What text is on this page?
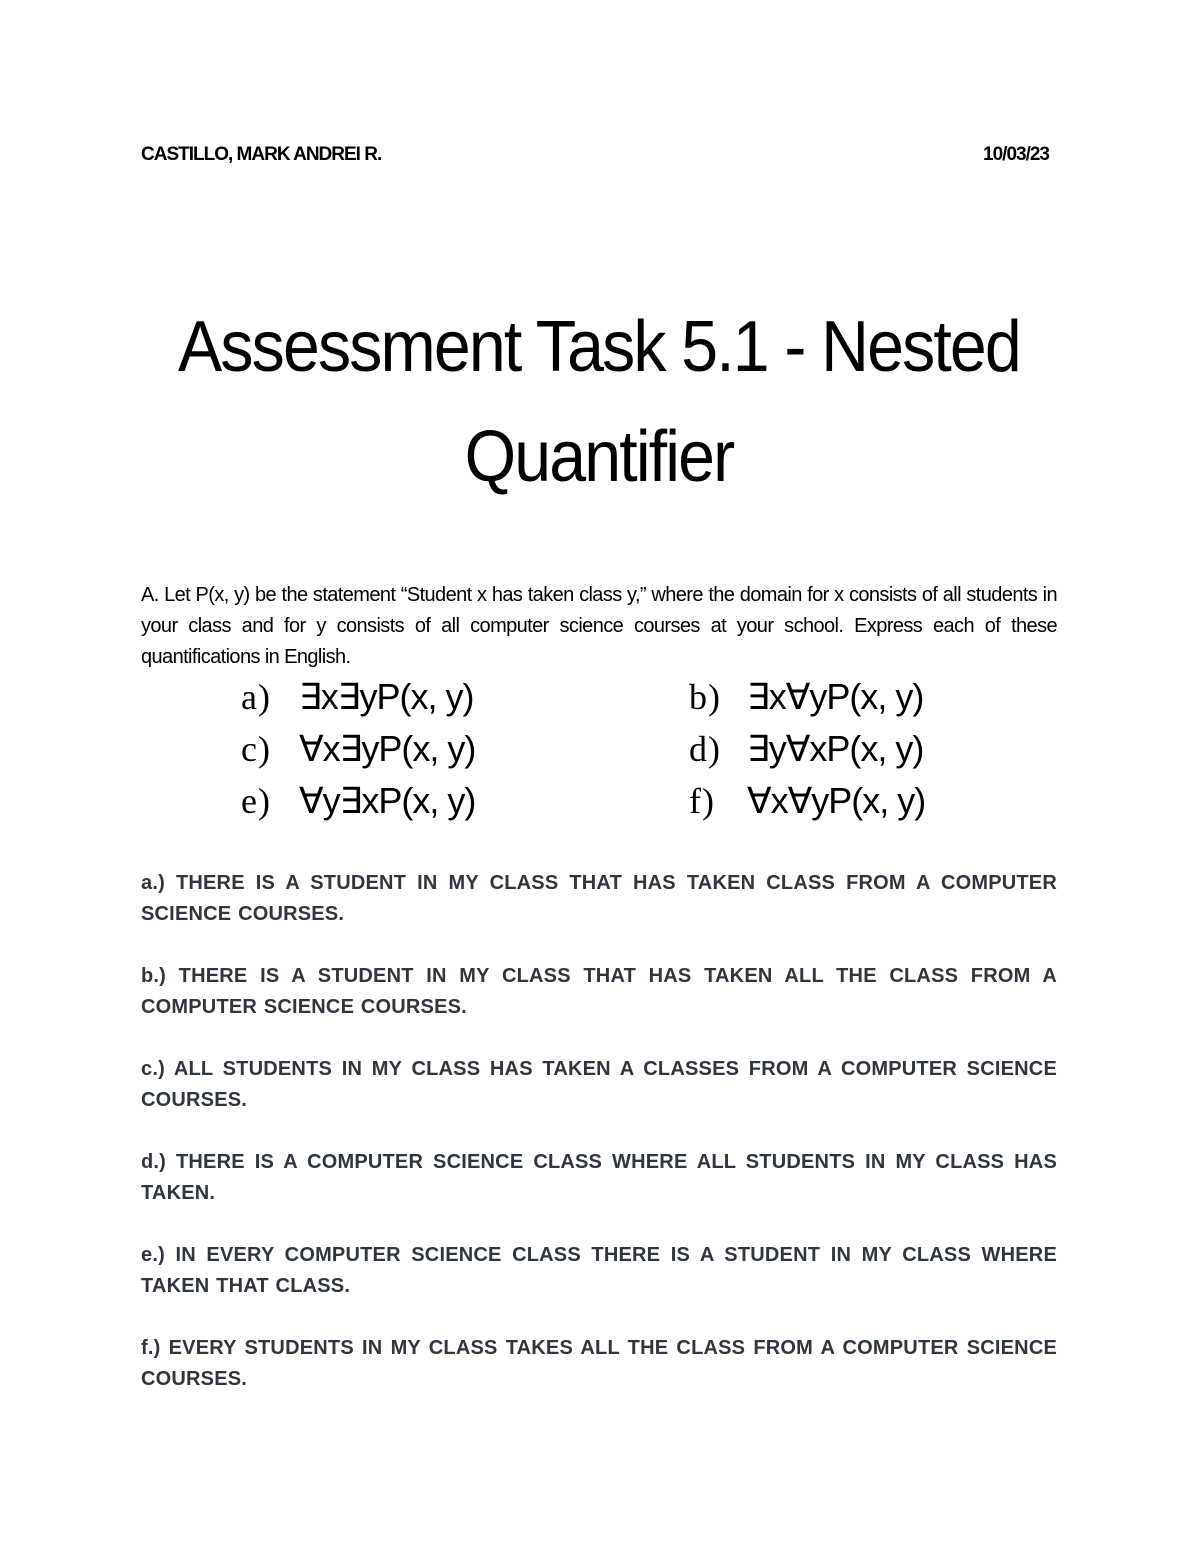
CASTILLO, MARK ANDREI R.	10/03/23
Assessment Task 5.1 - Nested
Quantifier

A. Let P(x, y) be the statement “Student x has taken class y,” where the domain for x consists of all students in your class and for y consists of all computer science courses at your school. Express each of these quantifications in English.

a) ∃x∃yP(x, y)	b) ∃x∀yP(x, y)
c) ∀x∃yP(x, y)	d) ∃y∀xP(x, y)
e) ∀y∃xP(x, y)	f) ∀x∀yP(x, y)

a.) THERE IS A STUDENT IN MY CLASS THAT HAS TAKEN CLASS FROM A COMPUTER SCIENCE COURSES.

b.) THERE IS A STUDENT IN MY CLASS THAT HAS TAKEN ALL THE CLASS FROM A COMPUTER SCIENCE COURSES.

c.) ALL STUDENTS IN MY CLASS HAS TAKEN A CLASSES FROM A COMPUTER SCIENCE COURSES.

d.) THERE IS A COMPUTER SCIENCE CLASS WHERE ALL STUDENTS IN MY CLASS HAS TAKEN.

e.) IN EVERY COMPUTER SCIENCE CLASS THERE IS A STUDENT IN MY CLASS WHERE TAKEN THAT CLASS.

f.) EVERY STUDENTS IN MY CLASS TAKES ALL THE CLASS FROM A COMPUTER SCIENCE COURSES.
